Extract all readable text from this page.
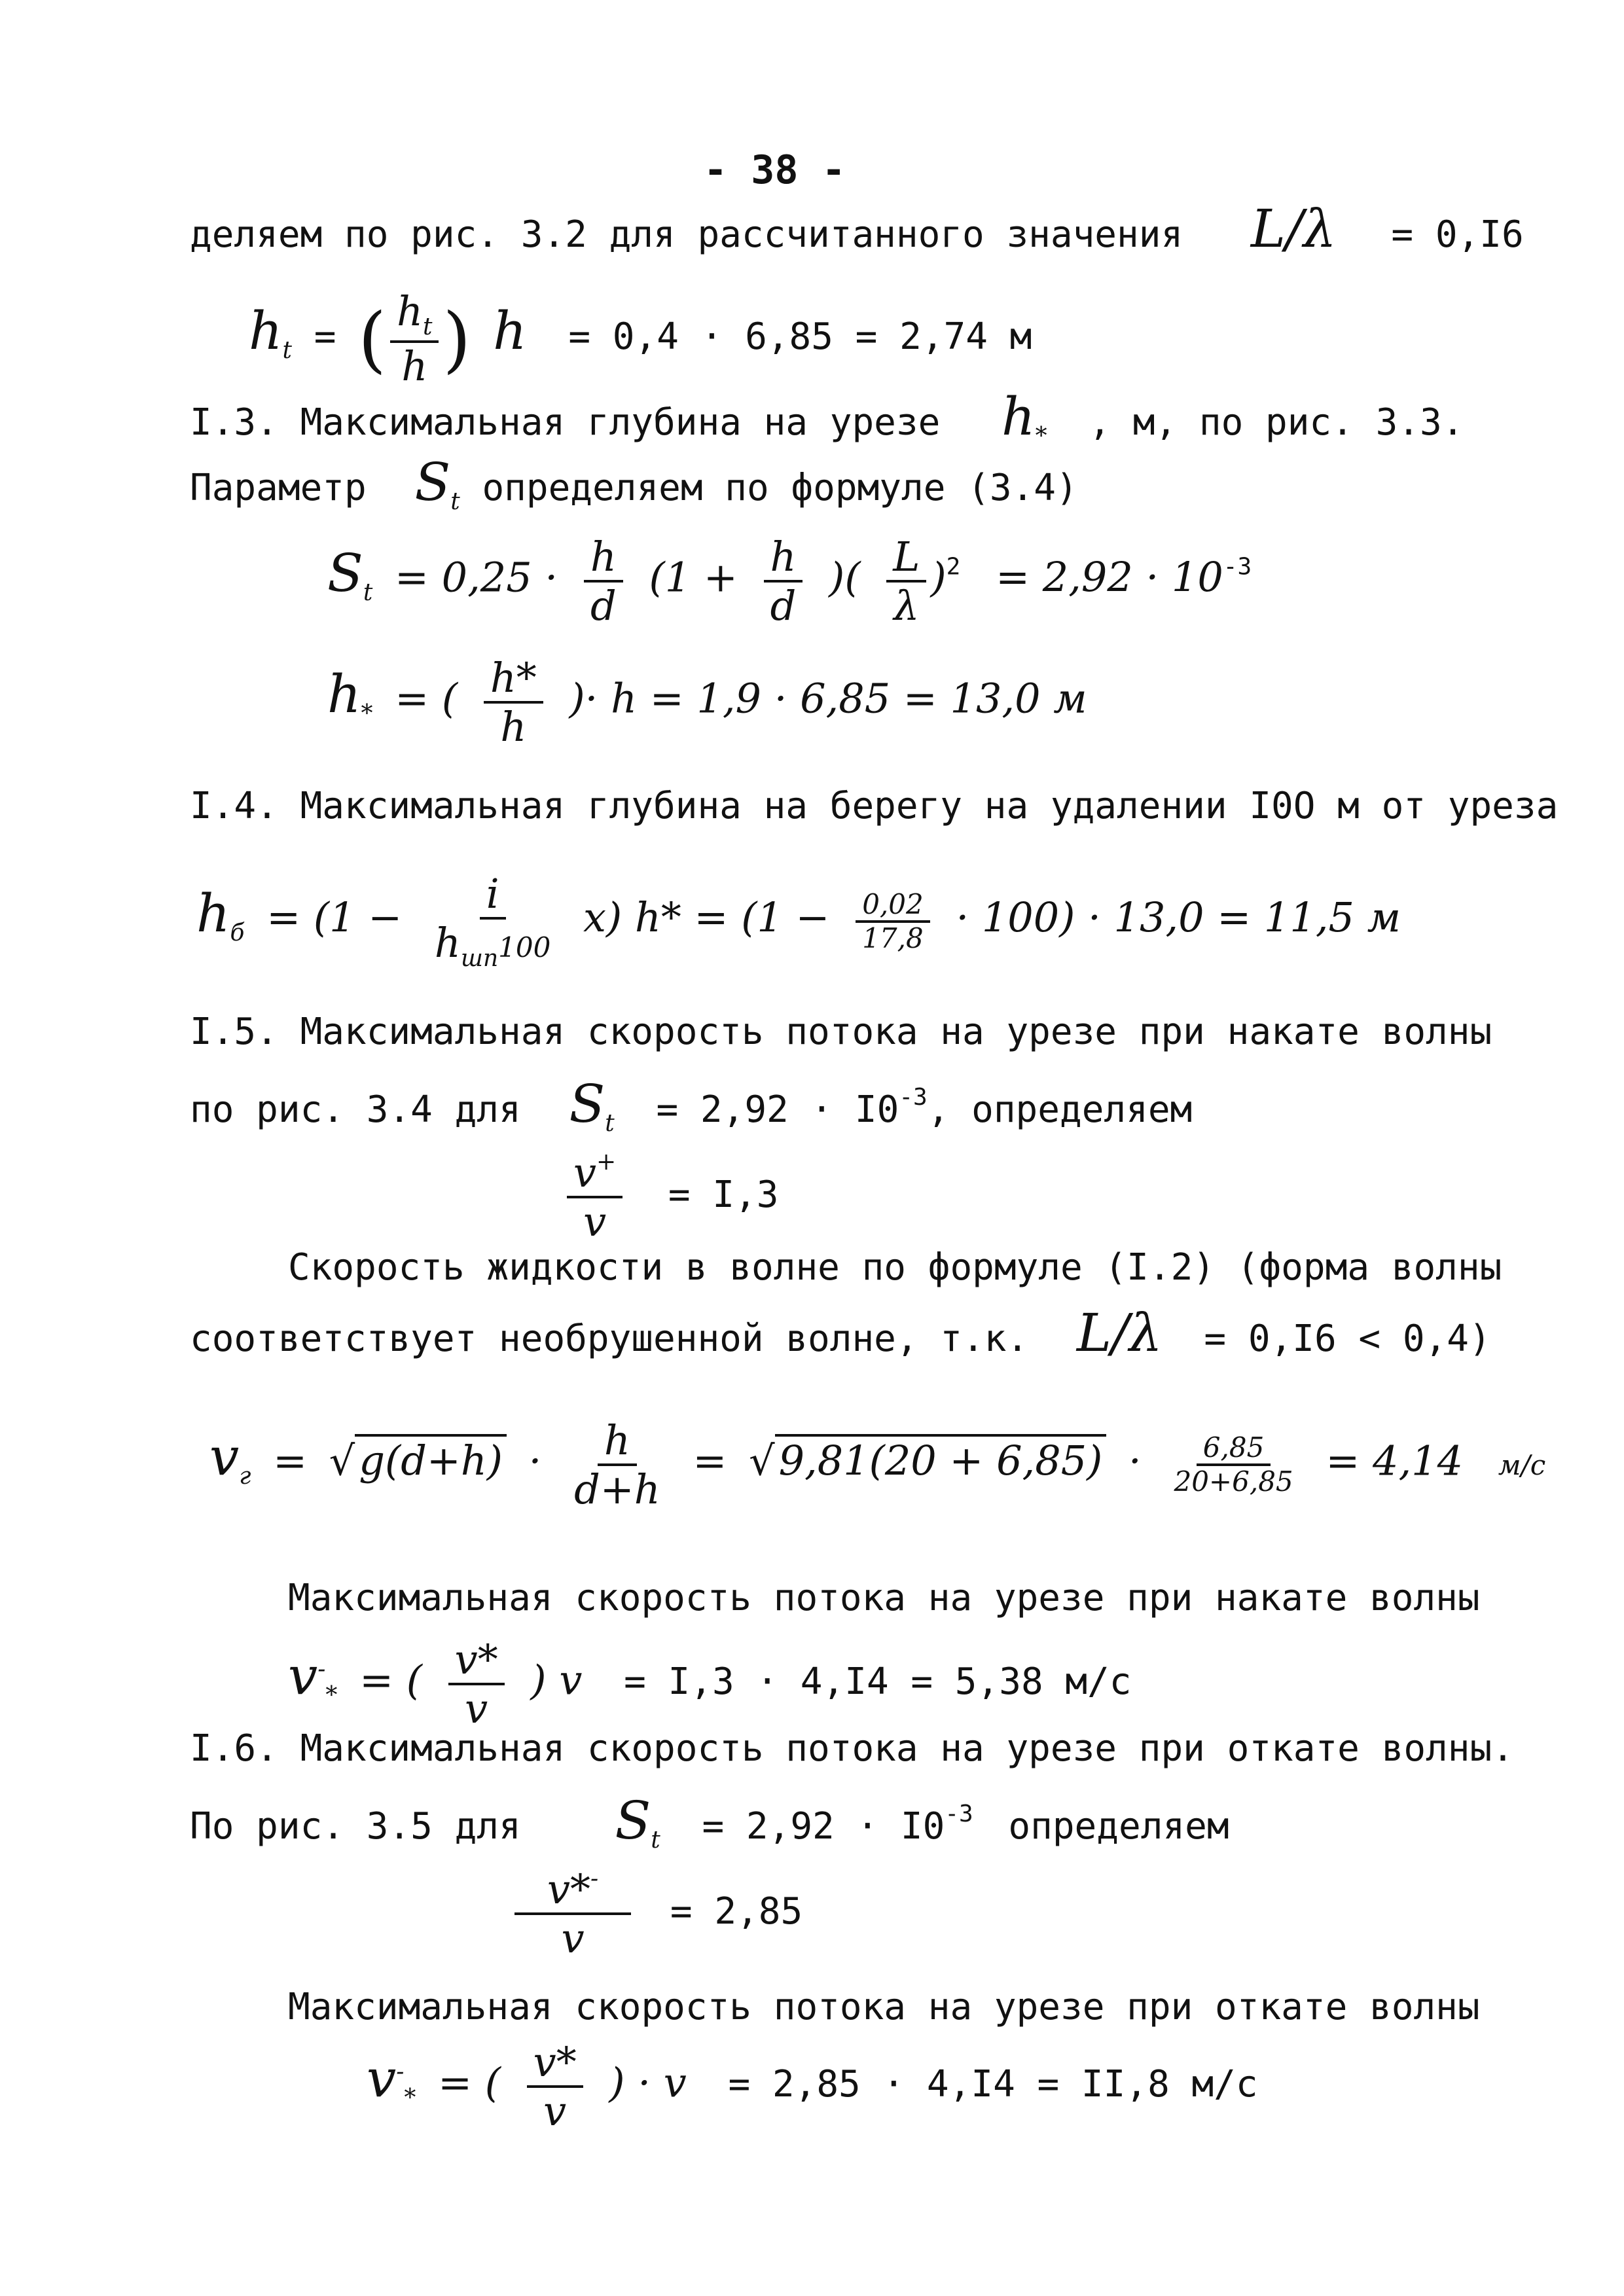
- 38 -
деляем по рис. 3.2 для рассчитанного значения L/λ = 0,I6
$h_t$ = ( $\frac{h_t}{h}$ ) h = 0,4 · 6,85 = 2,74 м
I.3. Максимальная глубина на урезе $h_*$ , м, по рис. 3.3.
Параметр $S_t$ определяем по формуле (3.4)
$S_t = 0,25 \cdot \frac{h}{d} (1 + \frac{h}{d}$ )( $\frac{L}{\lambda} )^2 = 2,92 \cdot 10^{-3}$
$h_*$ = ( $\frac{h*}{h}$ )· h = 1,9 · 6,85 = 13,0 м
I.4. Максимальная глубина на берегу на удалении I0O м от уреза
$h_б = (1 - \frac{i}{h_{шп}100} x) h* = (1 - \frac{0,02}{17,8} \cdot 100) \cdot 13,0 = 11,5$ м
I.5. Максимальная скорость потока на урезе при накате волны
по рис. 3.4 для $S_t = 2,92 \cdot I0^{-3}$, определяем
$\frac{v^+}{v} = I,3$
Скорость жидкости в волне по формуле (I.2) (форма волны
соответствует необрушенной волне, т.к. L/λ = 0,I6 < 0,4)
$v_г = √g(d+h) \cdot \frac{h}{d+h} = √9,81(20 + 6,85) \cdot \frac{6,85}{20+6,85} = 4,14$ м/с
Максимальная скорость потока на урезе при накате волны
$v^-_*$ = ( $\frac{v*}{v}$ ) v = I,3 · 4,I4 = 5,38 м/с
I.6. Максимальная скорость потока на урезе при откате волны.
По рис. 3.5 для $S_t = 2,92 \cdot I0^{-3}$ определяем
$\frac{v*^-}{v} = 2,85$
Максимальная скорость потока на урезе при откате волны
$v^-_*$ = ( $\frac{v*}{v}$ ) · v = 2,85 · 4,I4 = II,8 м/с
